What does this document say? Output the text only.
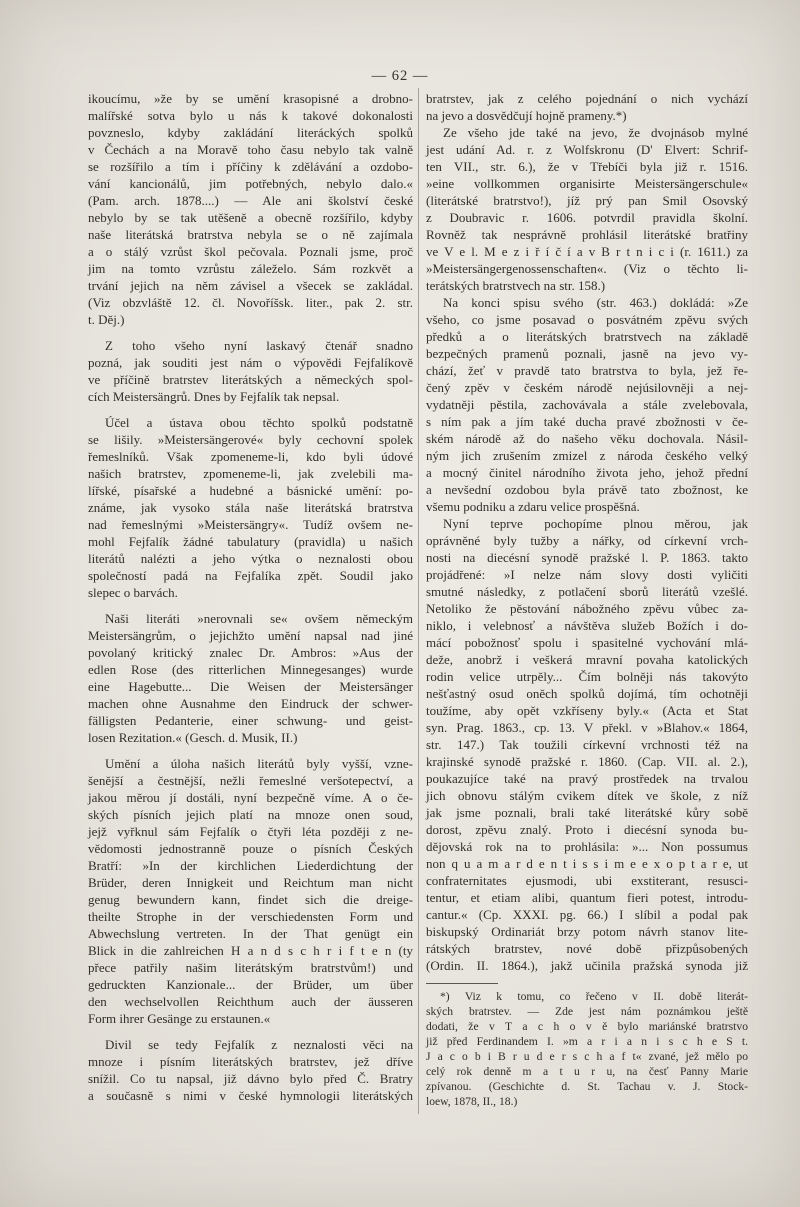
— 62 —
ikoucímu, »že by se umění krasopisné a drobno-
malířské sotva bylo u nás k takové dokonalosti
povzneslo, kdyby zakládání literáckých spolků
v Čechách a na Moravě toho času nebylo tak valně
se rozšířilo a tím i příčiny k zdělávání a ozdobo-
vání kancionálů, jim potřebných, nebylo dalo.«
(Pam. arch. 1878....) — Ale ani školství české
nebylo by se tak utěšeně a obecně rozšířilo, kdyby
naše literátská bratrstva nebyla se o ně zajímala
a o stálý vzrůst škol pečovala. Poznali jsme, proč
jim na tomto vzrůstu záleželo. Sám rozkvět a
trvání jejich na něm závisel a všecek se zakládal.
(Viz obzvláště 12. čl. Novoříšsk. liter., pak 2. str.
t. Děj.)
Z toho všeho nyní laskavý čtenář snadno
pozná, jak souditi jest nám o výpovědi Fejfalíkově
ve příčině bratrstev literátských a německých spol-
cích Meistersängrů. Dnes by Fejfalík tak nepsal.
Účel a ústava obou těchto spolků podstatně
se lišily. »Meistersängerové« byly cechovní spolek
řemeslníků. Však zpomeneme-li, kdo byli údové
našich bratrstev, zpomeneme-li, jak zvelebili ma-
lířské, písařské a hudebné a básnické umění: po-
známe, jak vysoko stála naše literátská bratrstva
nad řemeslnými »Meistersängry«. Tudíž ovšem ne-
mohl Fejfalík žádné tabulatury (pravidla) u našich
literátů nalézti a jeho výtka o neznalosti obou
společností padá na Fejfalíka zpět. Soudil jako
slepec o barvách.
Naši literáti »nerovnali se« ovšem německým
Meistersängrům, o jejichžto umění napsal nad jiné
povolaný kritický znalec Dr. Ambros: »Aus der
edlen Rose (des ritterlichen Minnegesanges) wurde
eine Hagebutte... Die Weisen der Meistersänger
machen ohne Ausnahme den Eindruck der schwer-
fälligsten Pedanterie, einer schwung- und geist-
losen Rezitation.« (Gesch. d. Musik, II.)
Umění a úloha našich literátů byly vyšší, vzne-
šenější a čestnější, nežli řemeslné veršotepectví, a
jakou měrou jí dostáli, nyní bezpečně víme. A o če-
ských písních jejich platí na mnoze onen soud,
jejž vyřknul sám Fejfalík o čtyři léta později z ne-
vědomosti jednostranně pouze o písních Českých
Bratří: »In der kirchlichen Liederdichtung der
Brüder, deren Innigkeit und Reichtum man nicht
genug bewundern kann, findet sich die dreige-
theilte Strophe in der verschiedensten Form und
Abwechslung vertreten. In der That genügt ein
Blick in die zahlreichen H a n d s c h r i f t e n (ty
přece patřily našim literátským bratrstvům!) und
gedruckten Kanzionale... der Brüder, um über
den wechselvollen Reichthum auch der äusseren
Form ihrer Gesänge zu erstaunen.«
Divil se tedy Fejfalík z neznalosti věci na
mnoze i písním literátských bratrstev, jež dříve
snížil. Co tu napsal, již dávno bylo před Č. Bratry
a současně s nimi v české hymnologii literátských
bratrstev, jak z celého pojednání o nich vychází
na jevo a dosvědčují hojně prameny.*)
Ze všeho jde také na jevo, že dvojnásob mylné
jest udání Ad. r. z Wolfskronu (D' Elvert: Schrif-
ten VII., str. 6.), že v Třebíči byla již r. 1516.
»eine vollkommen organisirte Meistersängerschule«
(literátské bratrstvo!), jíž prý pan Smil Osovský
z Doubravic r. 1606. potvrdil pravidla školní.
Rovněž tak nesprávně prohlásil literátské bratřiny
ve V e l. M e z i ř í č í a v B r t n i c i (r. 1611.) za
»Meistersängergenossenschaften«. (Viz o těchto li-
terátských bratrstvech na str. 158.)
Na konci spisu svého (str. 463.) dokládá: »Ze
všeho, co jsme posavad o posvátném zpěvu svých
předků a o literátských bratrstvech na základě
bezpečných pramenů poznali, jasně na jevo vy-
chází, žeť v pravdě tato bratrstva to byla, jež ře-
čený zpěv v českém národě nejúsilovněji a nej-
vydatněji pěstila, zachovávala a stále zvelebovala,
s ním pak a jím také ducha pravé zbožnosti v če-
ském národě až do našeho věku dochovala. Násil-
ným jich zrušením zmizel z národa českého velký
a mocný činitel národního života jeho, jehož přední
a nevšední ozdobou byla právě tato zbožnost, ke
všemu podniku a zdaru velice prospěšná.
Nyní teprve pochopíme plnou měrou, jak
oprávněné byly tužby a nářky, od církevní vrch-
nosti na diecésní synodě pražské l. P. 1863. takto
projádřené: »I nelze nám slovy dosti vyličiti
smutné následky, z potlačení sborů literátů vzešlé.
Netoliko že pěstování nábožného zpěvu vůbec za-
niklo, i velebnosť a návštěva služeb Božích i do-
mácí pobožnosť spolu i spasitelné vychování mlá-
deže, anobrž i veškerá mravní povaha katolických
rodin velice utrpěly... Čím bolněji nás takovýto
nešťastný osud oněch spolků dojímá, tím ochotněji
toužíme, aby opět vzkříseny byly.« (Acta et Stat
syn. Prag. 1863., cp. 13. V překl. v »Blahov.« 1864,
str. 147.) Tak toužili církevní vrchnosti též na
krajinské synodě pražské r. 1860. (Cap. VII. al. 2.),
poukazujíce také na pravý prostředek na trvalou
jich obnovu stálým cvikem dítek ve škole, z níž
jak jsme poznali, brali také literátské kůry sobě
dorost, zpěvu znalý. Proto i diecésní synoda bu-
dějovská rok na to prohlásila: »... Non possumus
non q u a m a r d e n t i s s i m e e x o p t a r e, ut
confraternitates ejusmodi, ubi exstiterant, resusci-
tentur, et etiam alibi, quantum fieri potest, introdu-
cantur.« (Cp. XXXI. pg. 66.) I slíbil a podal pak
biskupský Ordinariát brzy potom návrh stanov lite-
rátských bratrstev, nové době přizpůsobených
(Ordin. II. 1864.), jakž učinila pražská synoda již
*) Viz k tomu, co řečeno v II. době literát-
ských bratrstev. — Zde jest nám poznámkou ještě
dodati, že v T a c h o v ě bylo mariánské bratrstvo
již před Ferdinandem I. »m a r i a n i s c h e S t.
J a c o b i B r u d e r s c h a f t« zvané, jež mělo po
celý rok denně m a t u r u, na česť Panny Marie
zpívanou. (Geschichte d. St. Tachau v. J. Stock-
loew, 1878, II., 18.)
